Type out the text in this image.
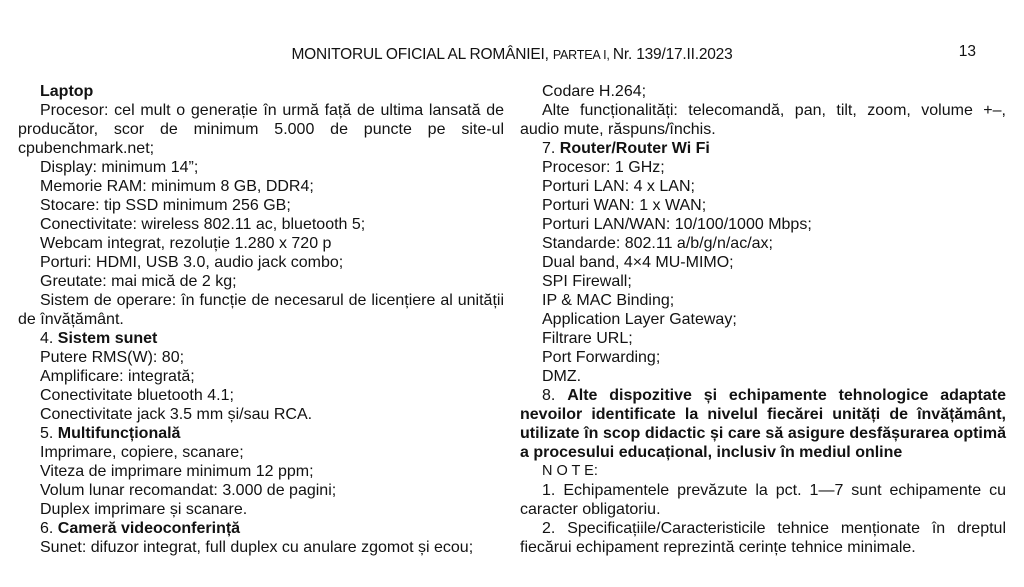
MONITORUL OFICIAL AL ROMÂNIEI, PARTEA I, Nr. 139/17.II.2023	13

Laptop

Procesor: cel mult o generație în urmă față de ultima lansată de producător, scor de minimum 5.000 de puncte pe site-ul cpubenchmark.net;

Display: minimum 14”;

Memorie RAM: minimum 8 GB, DDR4;

Stocare: tip SSD minimum 256 GB;

Conectivitate: wireless 802.11 ac, bluetooth 5;

Webcam integrat, rezoluție 1.280 x 720 p

Porturi: HDMI, USB 3.0, audio jack combo;

Greutate: mai mică de 2 kg;

Sistem de operare: în funcție de necesarul de licențiere al unității de învățământ.

4. Sistem sunet

Putere RMS(W): 80;

Amplificare: integrată;

Conectivitate bluetooth 4.1;

Conectivitate jack 3.5 mm și/sau RCA.

5. Multifuncțională

Imprimare, copiere, scanare;

Viteza de imprimare minimum 12 ppm;

Volum lunar recomandat: 3.000 de pagini;

Duplex imprimare și scanare.

6. Cameră videoconferință

Sunet: difuzor integrat, full duplex cu anulare zgomot și ecou;

Codare H.264;

Alte funcționalități: telecomandă, pan, tilt, zoom, volume +–, audio mute, răspuns/închis.

7. Router/Router Wi Fi

Procesor: 1 GHz;

Porturi LAN: 4 x LAN;

Porturi WAN: 1 x WAN;

Porturi LAN/WAN: 10/100/1000 Mbps;

Standarde: 802.11 a/b/g/n/ac/ax;

Dual band, 4×4 MU-MIMO;

SPI Firewall;

IP & MAC Binding;

Application Layer Gateway;

Filtrare URL;

Port Forwarding;

DMZ.

8. Alte dispozitive și echipamente tehnologice adaptate nevoilor identificate la nivelul fiecărei unități de învățământ, utilizate în scop didactic și care să asigure desfășurarea optimă a procesului educațional, inclusiv în mediul online

N O T E:

1. Echipamentele prevăzute la pct. 1—7 sunt echipamente cu caracter obligatoriu.

2. Specificațiile/Caracteristicile tehnice menționate în dreptul fiecărui echipament reprezintă cerințe tehnice minimale.
